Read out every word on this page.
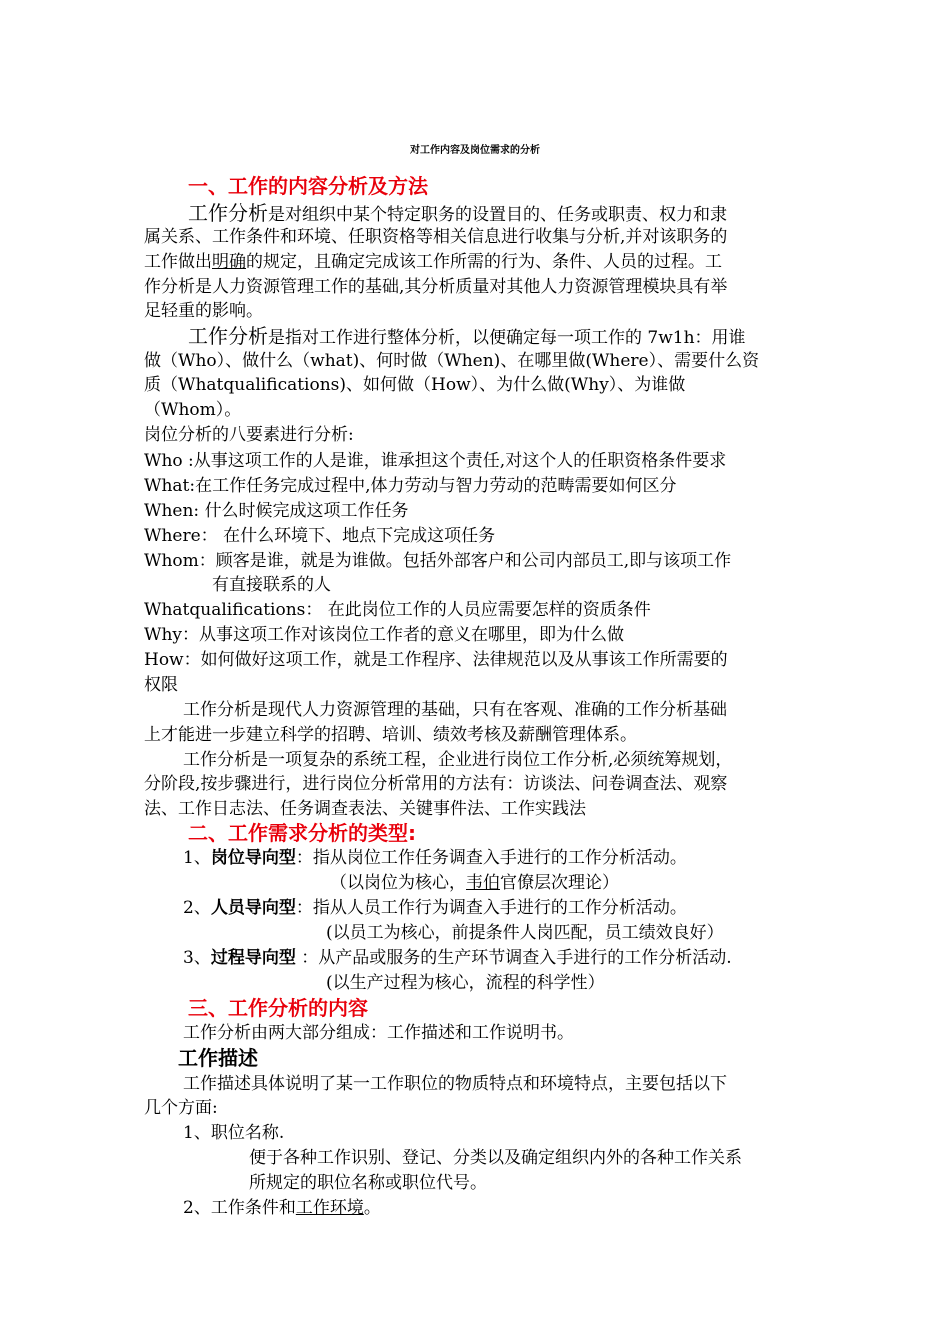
对工作内容及岗位需求的分析
一、工作的内容分析及方法
工作分析是对组织中某个特定职务的设置目的、任务或职责、权力和隶
属关系、工作条件和环境、任职资格等相关信息进行收集与分析,并对该职务的
工作做出明确的规定，且确定完成该工作所需的行为、条件、人员的过程。工
作分析是人力资源管理工作的基础,其分析质量对其他人力资源管理模块具有举
足轻重的影响。
工作分析是指对工作进行整体分析，以便确定每一项工作的 7w1h：用谁
做（Who）、做什么（what)、何时做（When)、在哪里做(Where）、需要什么资
质（Whatqualifications)、如何做（How）、为什么做(Why）、为谁做
（Whom）。
岗位分析的八要素进行分析:
Who :从事这项工作的人是谁，谁承担这个责任,对这个人的任职资格条件要求
What:在工作任务完成过程中,体力劳动与智力劳动的范畴需要如何区分
When: 什么时候完成这项工作任务
Where： 在什么环境下、地点下完成这项任务
Whom：顾客是谁，就是为谁做。包括外部客户和公司内部员工,即与该项工作
有直接联系的人
Whatqualifications： 在此岗位工作的人员应需要怎样的资质条件
Why：从事这项工作对该岗位工作者的意义在哪里，即为什么做
How：如何做好这项工作，就是工作程序、法律规范以及从事该工作所需要的
权限
工作分析是现代人力资源管理的基础，只有在客观、准确的工作分析基础
上才能进一步建立科学的招聘、培训、绩效考核及薪酬管理体系。
工作分析是一项复杂的系统工程，企业进行岗位工作分析,必须统筹规划，
分阶段,按步骤进行，进行岗位分析常用的方法有：访谈法、问卷调查法、观察
法、工作日志法、任务调查表法、关键事件法、工作实践法
二、工作需求分析的类型:
1、岗位导向型：指从岗位工作任务调查入手进行的工作分析活动。
（以岗位为核心，韦伯官僚层次理论）
2、人员导向型：指从人员工作行为调查入手进行的工作分析活动。
(以员工为核心，前提条件人岗匹配，员工绩效良好）
3、过程导向型 ：从产品或服务的生产环节调查入手进行的工作分析活动.
(以生产过程为核心，流程的科学性）
三、工作分析的内容
工作分析由两大部分组成：工作描述和工作说明书。
工作描述
工作描述具体说明了某一工作职位的物质特点和环境特点，主要包括以下
几个方面:
1、职位名称.
便于各种工作识别、登记、分类以及确定组织内外的各种工作关系
所规定的职位名称或职位代号。
2、工作条件和工作环境。
